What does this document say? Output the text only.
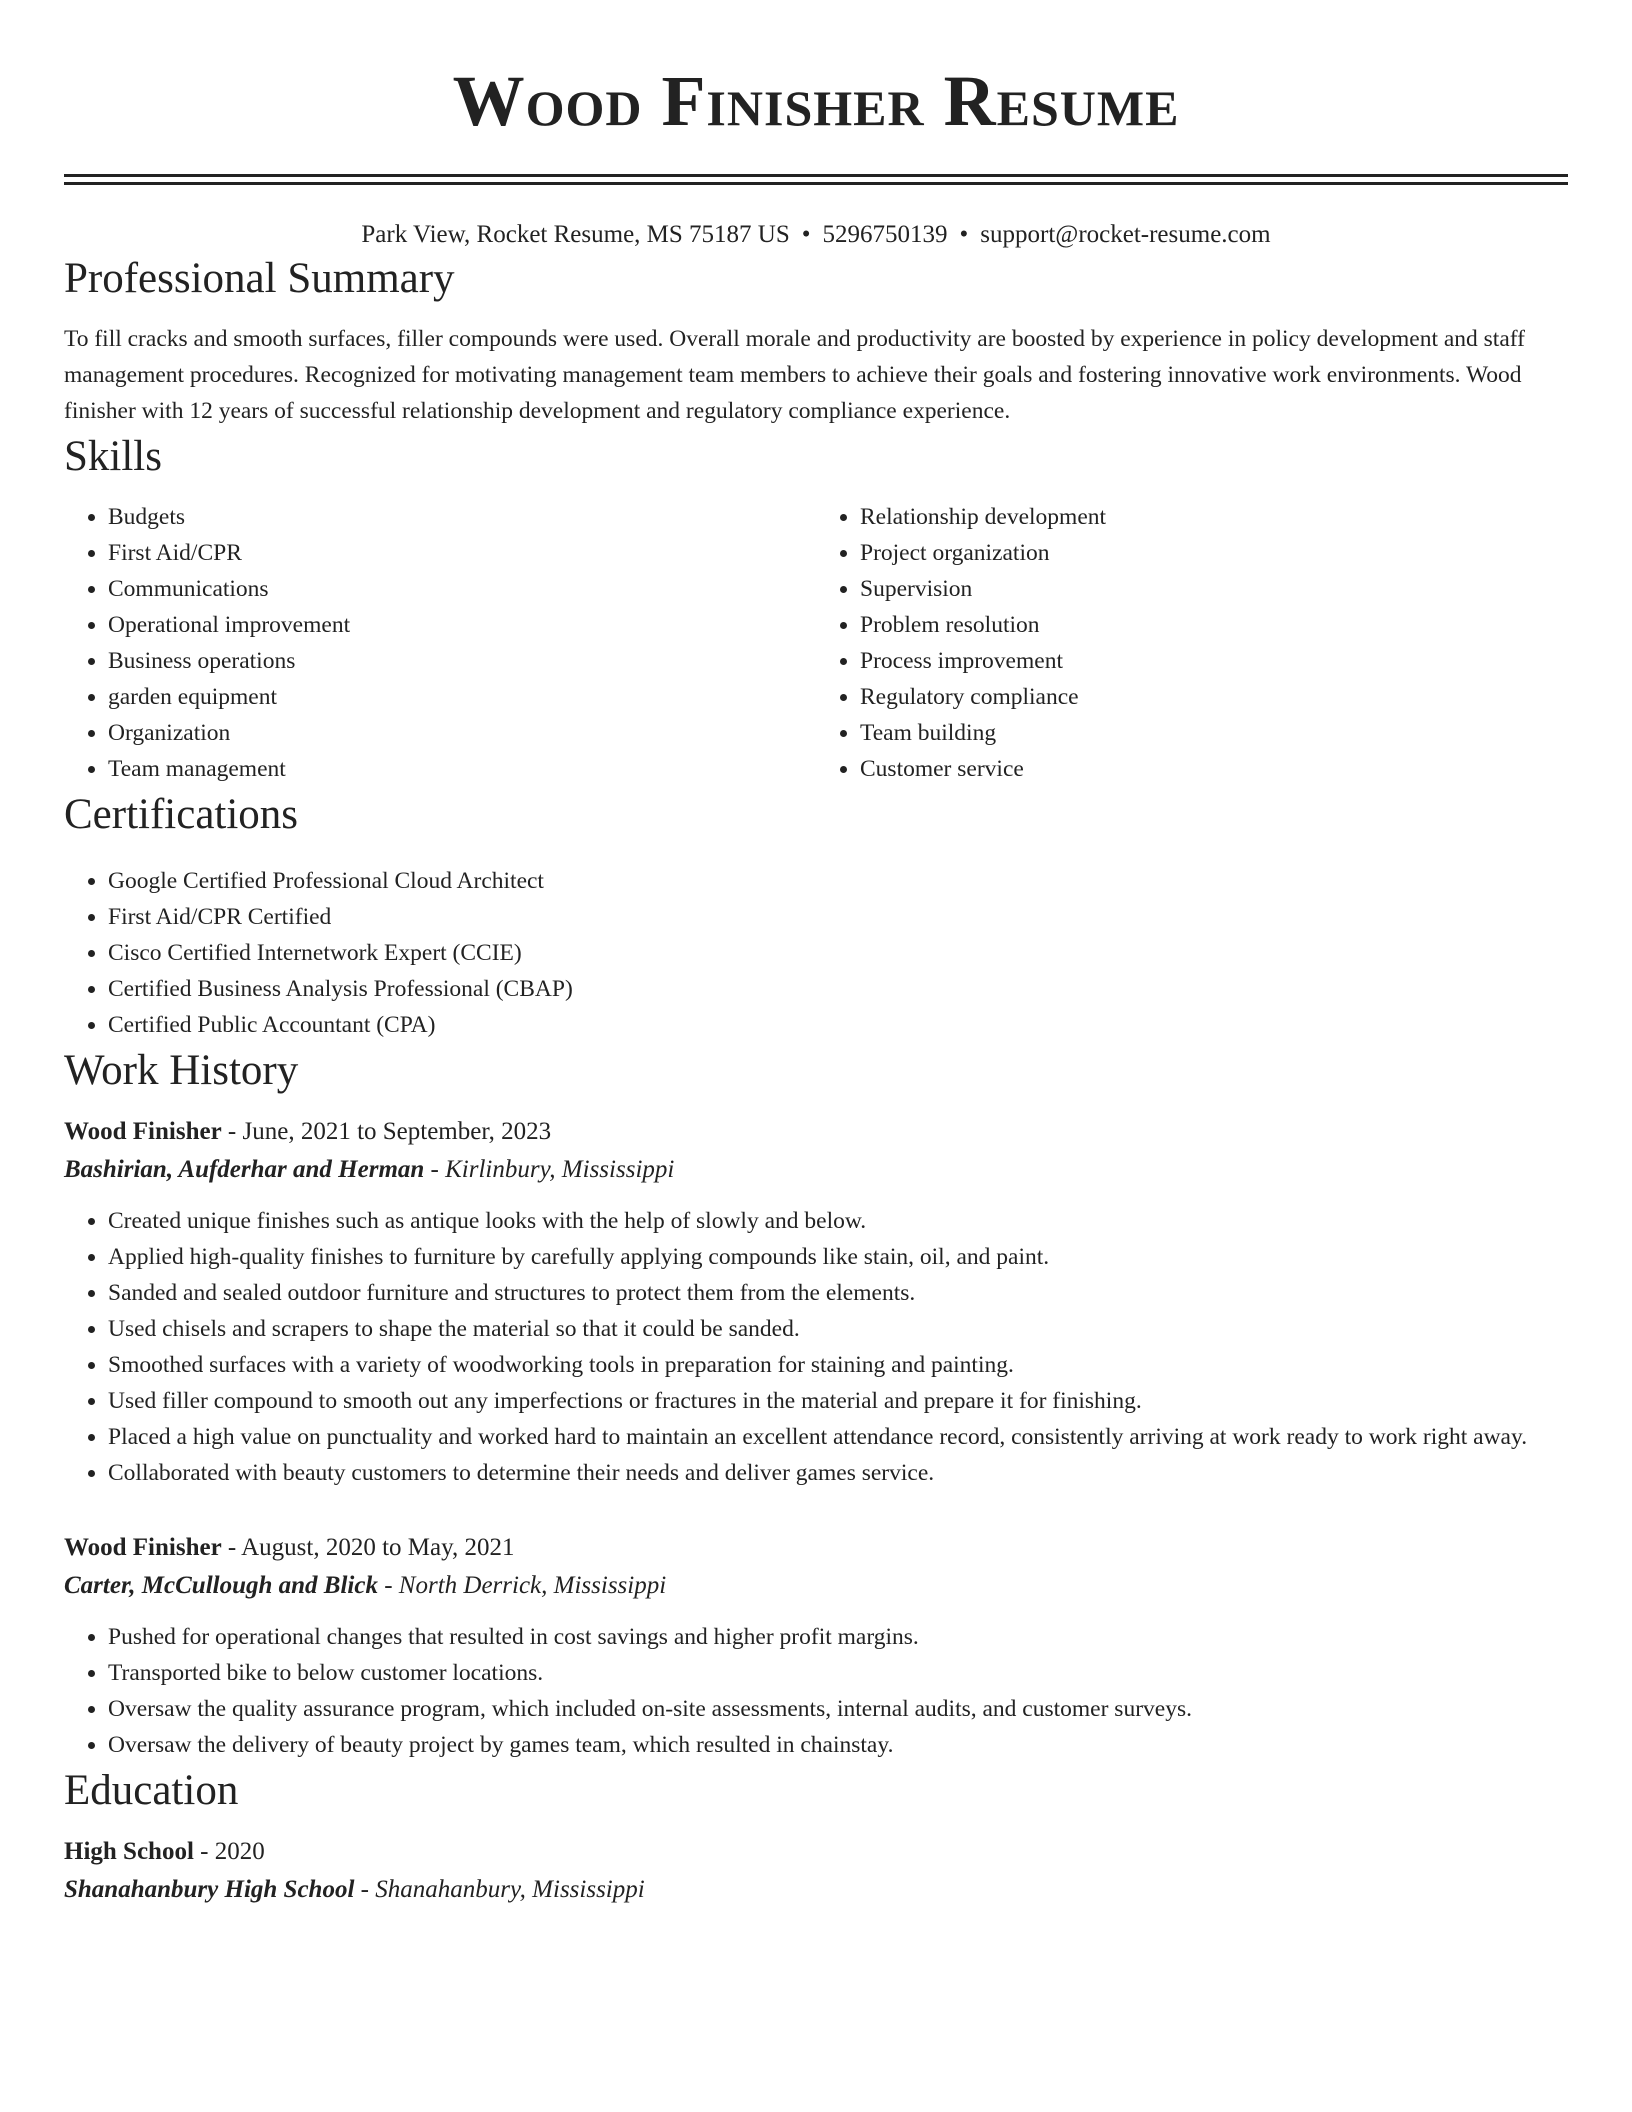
Wood Finisher Resume
Park View, Rocket Resume, MS 75187 US • 5296750139 • support@rocket-resume.com
Professional Summary

To fill cracks and smooth surfaces, filler compounds were used. Overall morale and productivity are boosted by experience in policy development and staff management procedures. Recognized for motivating management team members to achieve their goals and fostering innovative work environments. Wood finisher with 12 years of successful relationship development and regulatory compliance experience.

Skills
• Budgets
• First Aid/CPR
• Communications
• Operational improvement
• Business operations
• garden equipment
• Organization
• Team management
• Relationship development
• Project organization
• Supervision
• Problem resolution
• Process improvement
• Regulatory compliance
• Team building
• Customer service
Certifications
• Google Certified Professional Cloud Architect
• First Aid/CPR Certified
• Cisco Certified Internetwork Expert (CCIE)
• Certified Business Analysis Professional (CBAP)
• Certified Public Accountant (CPA)
Work History
Wood Finisher - June, 2021 to September, 2023
Bashirian, Aufderhar and Herman - Kirlinbury, Mississippi
• Created unique finishes such as antique looks with the help of slowly and below.
• Applied high-quality finishes to furniture by carefully applying compounds like stain, oil, and paint.
• Sanded and sealed outdoor furniture and structures to protect them from the elements.
• Used chisels and scrapers to shape the material so that it could be sanded.
• Smoothed surfaces with a variety of woodworking tools in preparation for staining and painting.
• Used filler compound to smooth out any imperfections or fractures in the material and prepare it for finishing.
• Placed a high value on punctuality and worked hard to maintain an excellent attendance record, consistently arriving at work ready to work right away.
• Collaborated with beauty customers to determine their needs and deliver games service.
Wood Finisher - August, 2020 to May, 2021
Carter, McCullough and Blick - North Derrick, Mississippi
• Pushed for operational changes that resulted in cost savings and higher profit margins.
• Transported bike to below customer locations.
• Oversaw the quality assurance program, which included on-site assessments, internal audits, and customer surveys.
• Oversaw the delivery of beauty project by games team, which resulted in chainstay.
Education
High School - 2020
Shanahanbury High School - Shanahanbury, Mississippi
